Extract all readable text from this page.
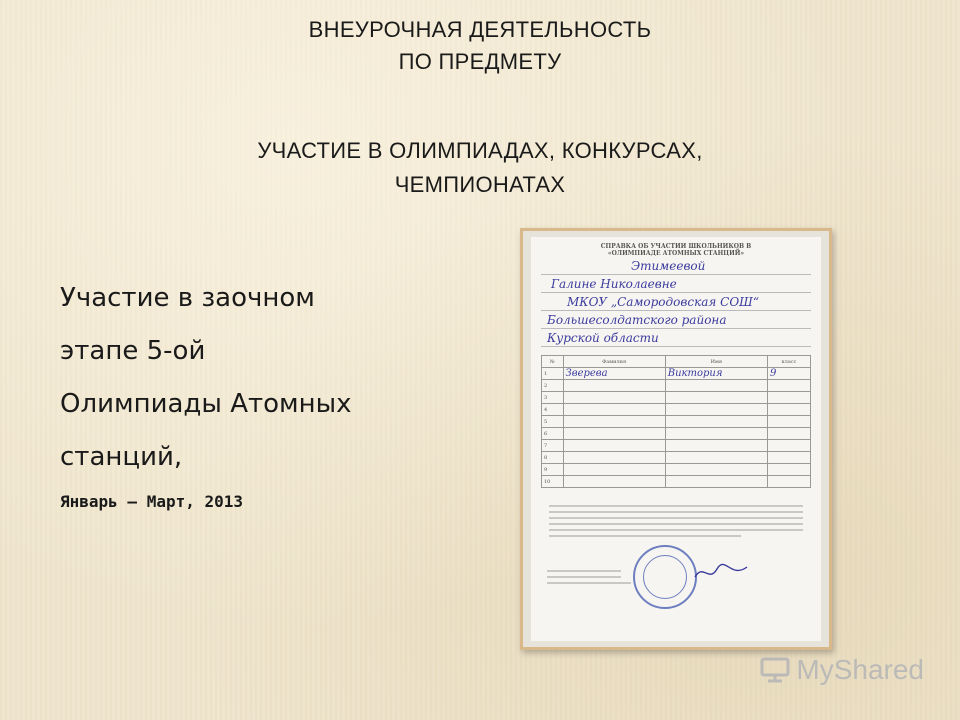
ВНЕУРОЧНАЯ ДЕЯТЕЛЬНОСТЬ
ПО ПРЕДМЕТУ
УЧАСТИЕ В ОЛИМПИАДАХ, КОНКУРСАХ,
ЧЕМПИОНАТАХ
Участие в заочном
этапе 5-ой
Олимпиады Атомных
станций,
Январь – Март, 2013
СПРАВКА ОБ УЧАСТИИ ШКОЛЬНИКОВ В
«ОЛИМПИАДЕ АТОМНЫХ СТАНЦИЙ»
Этимеевой
Галине Николаевне
МКОУ „Самородовская СОШ“
Большесолдатского района
Курской области
№	Фамилия	Имя	класс
1	Зверева	Виктория	9
2			
3			
4			
5			
6			
7			
8			
9			
10			
MyShared
